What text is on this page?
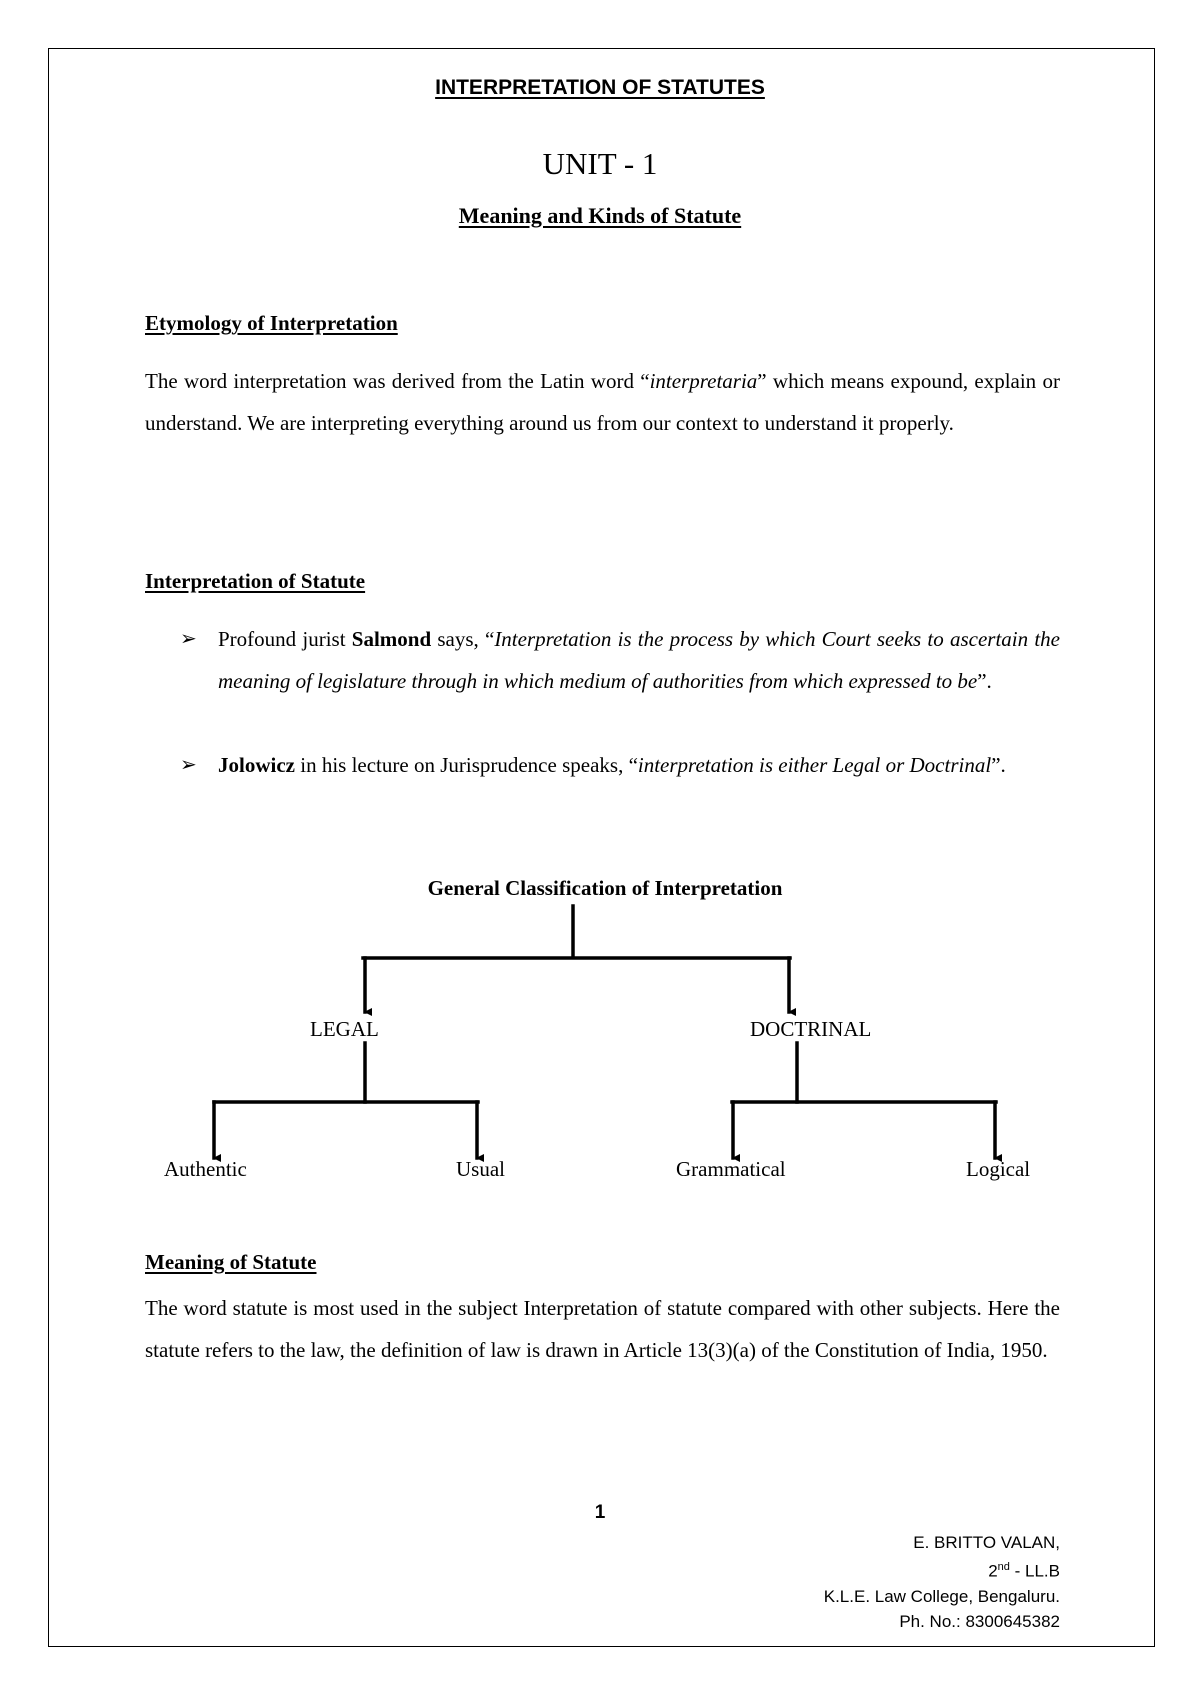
INTERPRETATION OF STATUTES
UNIT - 1
Meaning and Kinds of Statute
Etymology of Interpretation
The word interpretation was derived from the Latin word “interpretaria” which means expound, explain or understand. We are interpreting everything around us from our context to understand it properly.
Interpretation of Statute
➢ Profound jurist Salmond says, “Interpretation is the process by which Court seeks to ascertain the meaning of legislature through in which medium of authorities from which expressed to be”.
➢ Jolowicz in his lecture on Jurisprudence speaks, “interpretation is either Legal or Doctrinal”.
General Classification of Interpretation
LEGAL	DOCTRINAL
Authentic	Usual	Grammatical	Logical
Meaning of Statute
The word statute is most used in the subject Interpretation of statute compared with other subjects. Here the statute refers to the law, the definition of law is drawn in Article 13(3)(a) of the Constitution of India, 1950.
1
E. BRITTO VALAN,
2nd - LL.B
K.L.E. Law College, Bengaluru.
Ph. No.: 8300645382
